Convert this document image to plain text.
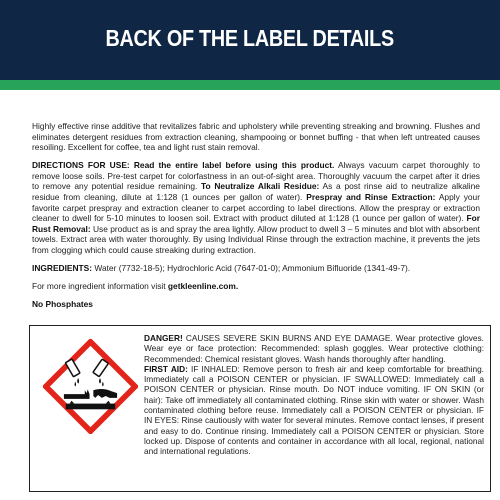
BACK OF THE LABEL DETAILS

Highly effective rinse additive that revitalizes fabric and upholstery while preventing streaking and browning. Flushes and eliminates detergent residues from extraction cleaning, shampooing or bonnet buffing - that when left untreated causes resoiling. Excellent for coffee, tea and light rust stain removal.

DIRECTIONS FOR USE: Read the entire label before using this product. Always vacuum carpet thoroughly to remove loose soils. Pre-test carpet for colorfastness in an out-of-sight area. Thoroughly vacuum the carpet after it dries to remove any potential residue remaining. To Neutralize Alkali Residue: As a post rinse aid to neutralize alkaline residue from cleaning, dilute at 1:128 (1 ounces per gallon of water). Prespray and Rinse Extraction: Apply your favorite carpet prespray and extraction cleaner to carpet according to label directions. Allow the prespray or extraction cleaner to dwell for 5-10 minutes to loosen soil. Extract with product diluted at 1:128 (1 ounce per gallon of water). For Rust Removal: Use product as is and spray the area lightly. Allow product to dwell 3 – 5 minutes and blot with absorbent towels. Extract area with water thoroughly. By using Individual Rinse through the extraction machine, it prevents the jets from clogging which could cause streaking during extraction.

INGREDIENTS: Water (7732-18-5); Hydrochloric Acid (7647-01-0); Ammonium Bifluoride (1341-49-7).

For more ingredient information visit getkleenline.com.

No Phosphates

DANGER! CAUSES SEVERE SKIN BURNS AND EYE DAMAGE. Wear protective gloves. Wear eye or face protection: Recommended: splash goggles. Wear protective clothing: Recommended: Chemical resistant gloves. Wash hands thoroughly after handling.

FIRST AID: IF INHALED: Remove person to fresh air and keep comfortable for breathing. Immediately call a POISON CENTER or physician. IF SWALLOWED: Immediately call a POISON CENTER or physician. Rinse mouth. Do NOT induce vomiting. IF ON SKIN (or hair): Take off immediately all contaminated clothing. Rinse skin with water or shower. Wash contaminated clothing before reuse. Immediately call a POISON CENTER or physician. IF IN EYES: Rinse cautiously with water for several minutes. Remove contact lenses, if present and easy to do. Continue rinsing. Immediately call a POISON CENTER or physician. Store locked up. Dispose of contents and container in accordance with all local, regional, national and international regulations.
